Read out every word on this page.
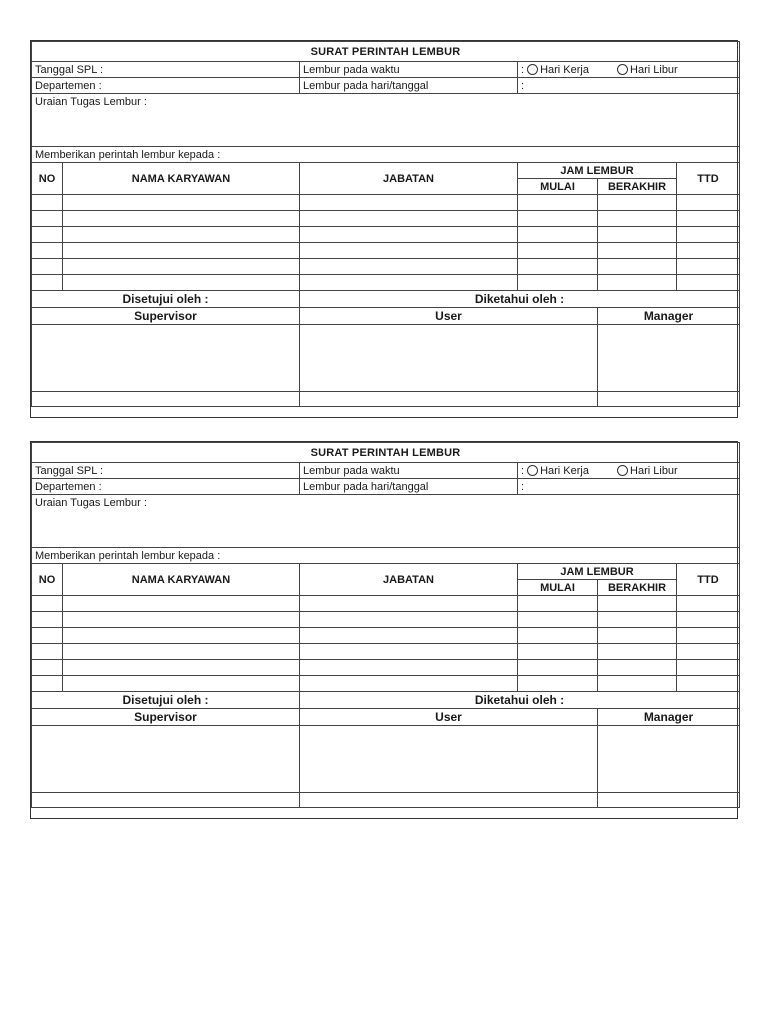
SURAT PERINTAH LEMBUR					
Tanggal SPL :		Lembur pada waktu	: Hari Kerja Hari Libur		
Departemen :		Lembur pada hari/tanggal	:		
Uraian Tugas Lembur :					
Memberikan perintah lembur kepada :					
NO	NAMA KARYAWAN	JABATAN	JAM LEMBUR		TTD
			MULAI	BERAKHIR	

Disetujui oleh :		Diketahui oleh :			
Supervisor		User		Manager	

SURAT PERINTAH LEMBUR					
Tanggal SPL :		Lembur pada waktu	: Hari Kerja Hari Libur		
Departemen :		Lembur pada hari/tanggal	:		
Uraian Tugas Lembur :					
Memberikan perintah lembur kepada :					
NO	NAMA KARYAWAN	JABATAN	JAM LEMBUR		TTD
			MULAI	BERAKHIR	

Disetujui oleh :		Diketahui oleh :			
Supervisor		User		Manager	
